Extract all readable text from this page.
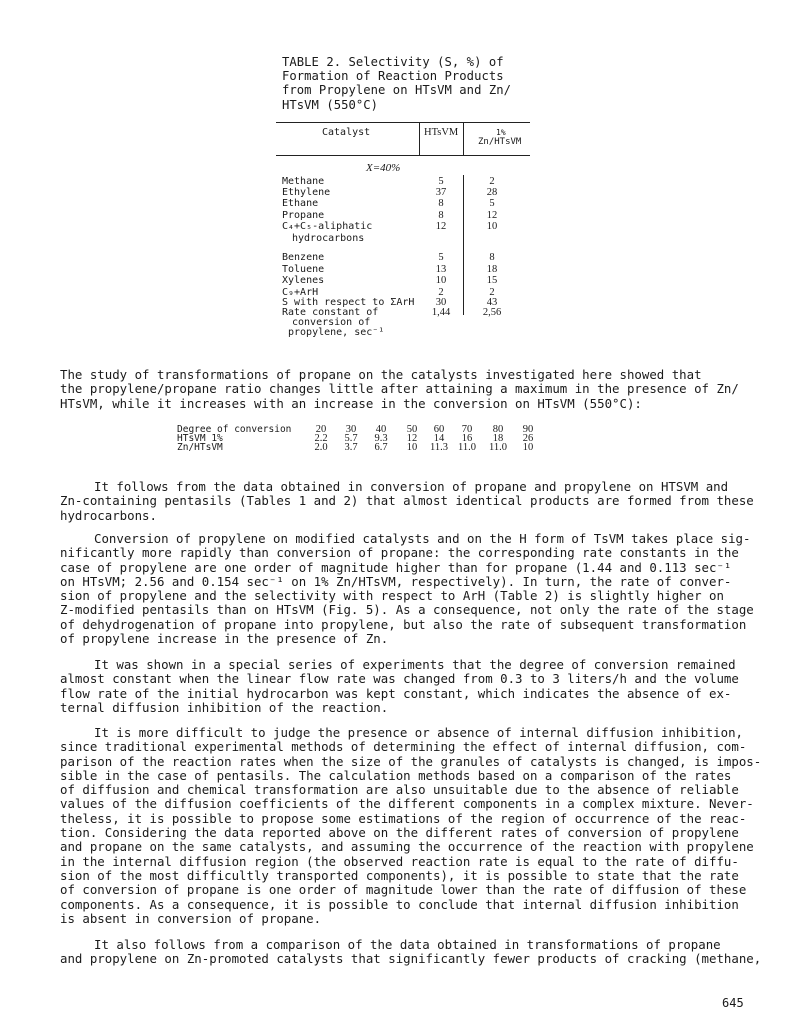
TABLE 2. Selectivity (S, %) of
Formation of Reaction Products
from Propylene on HTsVM and Zn/
HTsVM (550°C)
Catalyst	HTsVM	1%
Zn/HTsVM
X=40%
Methane	5	2
Ethylene	37	28
Ethane	8	5
Propane	8	12
C₄+C₅-aliphatic	12	10
hydrocarbons
Benzene	5	8
Toluene	13	18
Xylenes	10	15
C₉+ArH	2	2
S with respect to ΣArH	30	43
Rate constant of	1,44	2,56
conversion of
propylene, sec⁻¹
The study of transformations of propane on the catalysts investigated here showed that
the propylene/propane ratio changes little after attaining a maximum in the presence of Zn/
HTsVM, while it increases with an increase in the conversion on HTsVM (550°C):
Degree of conversion	20	30	40	50	60	70	80	90
HTsVM 1%	2.2	5.7	9.3	12	14	16	18	26
Zn/HTsVM	2.0	3.7	6.7	10	11.3 11.0	11.0	10
It follows from the data obtained in conversion of propane and propylene on HTSVM and
Zn-containing pentasils (Tables 1 and 2) that almost identical products are formed from these
hydrocarbons.
Conversion of propylene on modified catalysts and on the H form of TsVM takes place sig-
nificantly more rapidly than conversion of propane: the corresponding rate constants in the
case of propylene are one order of magnitude higher than for propane (1.44 and 0.113 sec⁻¹
on HTsVM; 2.56 and 0.154 sec⁻¹ on 1% Zn/HTsVM, respectively). In turn, the rate of conver-
sion of propylene and the selectivity with respect to ArH (Table 2) is slightly higher on
Z-modified pentasils than on HTsVM (Fig. 5). As a consequence, not only the rate of the stage
of dehydrogenation of propane into propylene, but also the rate of subsequent transformation
of propylene increase in the presence of Zn.
It was shown in a special series of experiments that the degree of conversion remained
almost constant when the linear flow rate was changed from 0.3 to 3 liters/h and the volume
flow rate of the initial hydrocarbon was kept constant, which indicates the absence of ex-
ternal diffusion inhibition of the reaction.
It is more difficult to judge the presence or absence of internal diffusion inhibition,
since traditional experimental methods of determining the effect of internal diffusion, com-
parison of the reaction rates when the size of the granules of catalysts is changed, is impos-
sible in the case of pentasils. The calculation methods based on a comparison of the rates
of diffusion and chemical transformation are also unsuitable due to the absence of reliable
values of the diffusion coefficients of the different components in a complex mixture. Never-
theless, it is possible to propose some estimations of the region of occurrence of the reac-
tion. Considering the data reported above on the different rates of conversion of propylene
and propane on the same catalysts, and assuming the occurrence of the reaction with propylene
in the internal diffusion region (the observed reaction rate is equal to the rate of diffu-
sion of the most difficultly transported components), it is possible to state that the rate
of conversion of propane is one order of magnitude lower than the rate of diffusion of these
components. As a consequence, it is possible to conclude that internal diffusion inhibition
is absent in conversion of propane.
It also follows from a comparison of the data obtained in transformations of propane
and propylene on Zn-promoted catalysts that significantly fewer products of cracking (methane,
645
